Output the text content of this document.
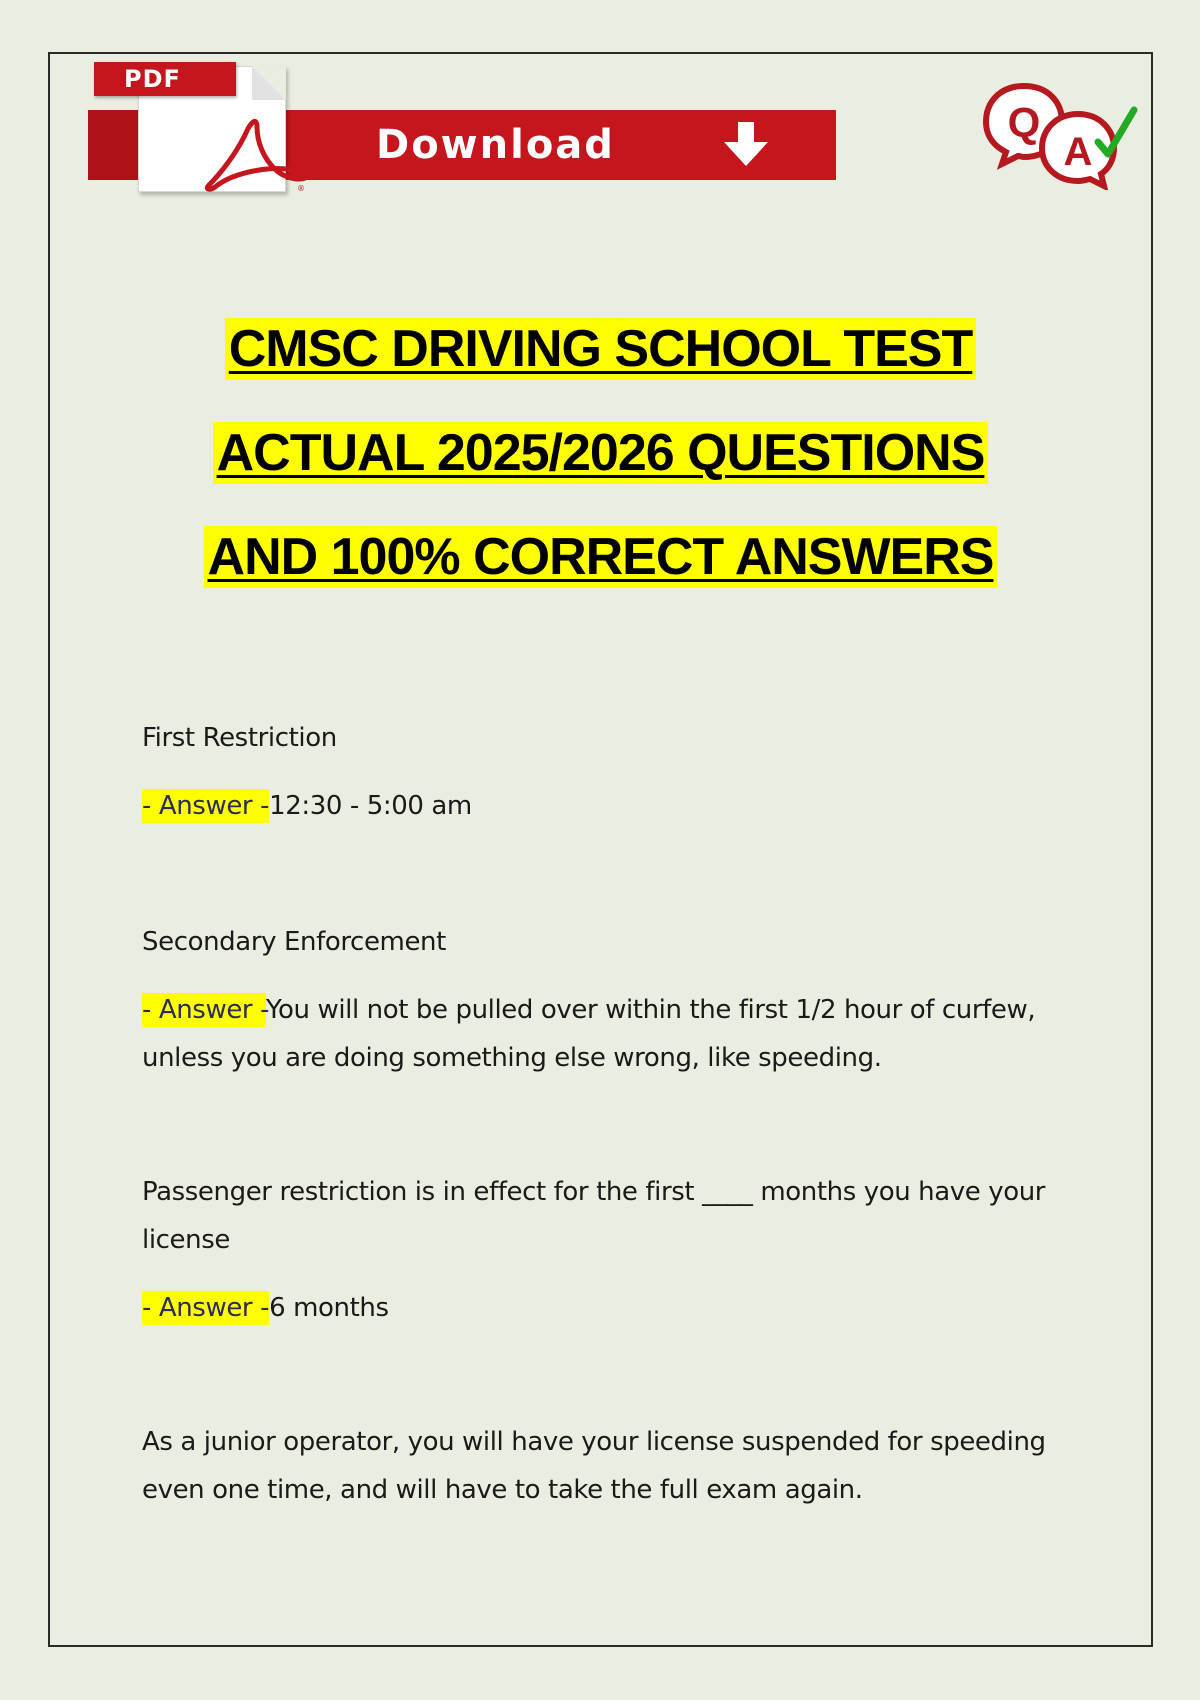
Download
®
PDF
Q
A
CMSC DRIVING SCHOOL TEST
ACTUAL 2025/2026 QUESTIONS
AND 100% CORRECT ANSWERS
First Restriction
- Answer -12:30 - 5:00 am
Secondary Enforcement
- Answer -You will not be pulled over within the first 1/2 hour of curfew, unless you are doing something else wrong, like speeding.
Passenger restriction is in effect for the first ____ months you have your license
- Answer -6 months
As a junior operator, you will have your license suspended for speeding even one time, and will have to take the full exam again.
